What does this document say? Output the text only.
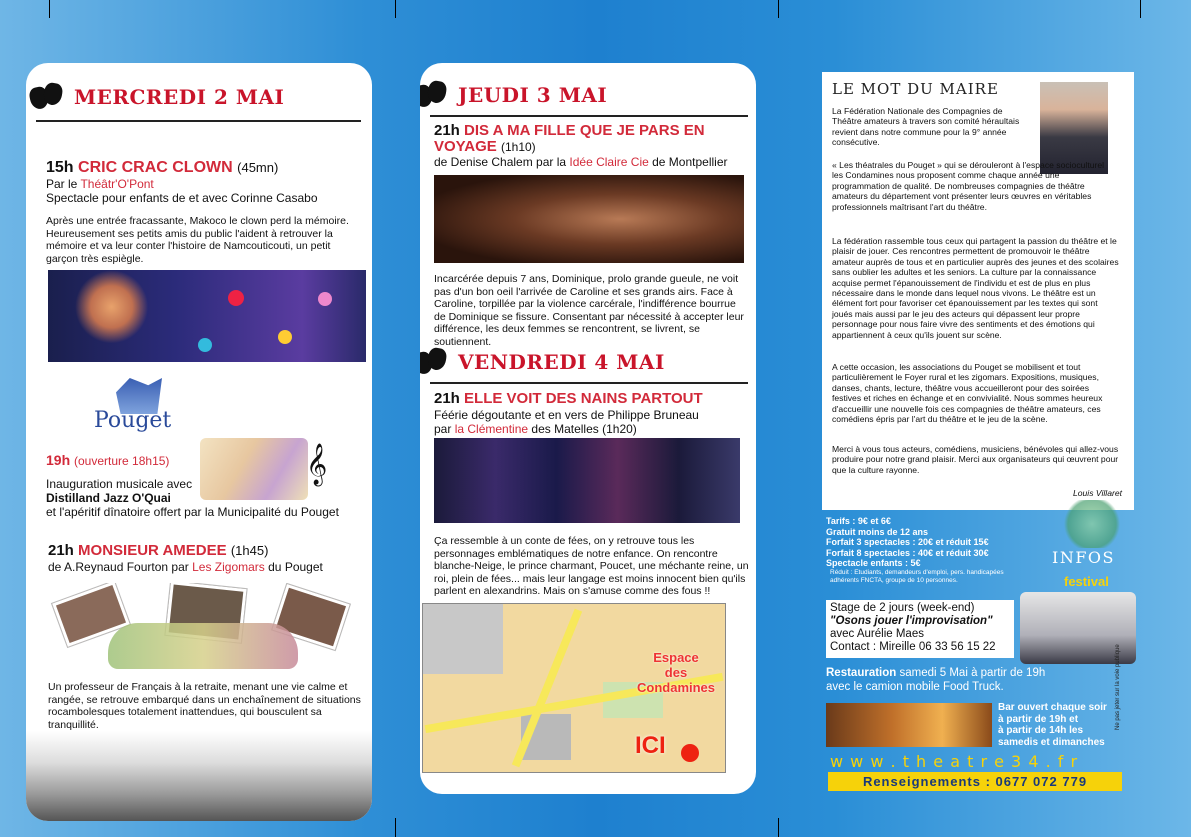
MERCREDI 2 MAI
15h CRIC CRAC CLOWN (45mn)
Par le Théâtr'O'Pont
Spectacle pour enfants de et avec Corinne Casabo
Après une entrée fracassante, Makoco le clown perd la mémoire. Heureusement ses petits amis du public l'aident à retrouver la mémoire et va leur conter l'histoire de Namcouticouti, un petit garçon très espiègle.
Pouget
𝄞
19h (ouverture 18h15)
Inauguration musicale avec
Distilland Jazz O'Quai
et l'apéritif dînatoire offert par la Municipalité du Pouget
21h MONSIEUR AMEDEE (1h45)
de A.Reynaud Fourton par Les Zigomars du Pouget
Un professeur de Français à la retraite, menant une vie calme et rangée, se retrouve embarqué dans un enchaînement de situations rocambolesques totalement inattendues, qui bousculent sa tranquillité.
JEUDI 3 MAI
21h DIS A MA FILLE QUE JE PARS EN VOYAGE (1h10)
de Denise Chalem par la Idée Claire Cie de Montpellier
Incarcérée depuis 7 ans, Dominique, prolo grande gueule, ne voit pas d'un bon oeil l'arrivée de Caroline et ses grands airs. Face à Caroline, torpillée par la violence carcérale, l'indifférence bourrue de Dominique se fissure. Consentant par nécessité à accepter leur différence, les deux femmes se rencontrent, se livrent, se soutiennent.
VENDREDI 4 MAI
21h ELLE VOIT DES NAINS PARTOUT
Féérie dégoutante et en vers de Philippe Bruneau
par la Clémentine des Matelles (1h20)
Ça ressemble à un conte de fées, on y retrouve tous les personnages emblématiques de notre enfance. On rencontre blanche-Neige, le prince charmant, Poucet, une méchante reine, un roi, plein de fées... mais leur langage est moins innocent bien qu'ils parlent en alexandrins. Mais on s'amuse comme des fous !!
Espace
des
Condamines
ICI
LE MOT DU MAIRE
La Fédération Nationale des Compagnies de Théâtre amateurs à travers son comité héraultais revient dans notre commune pour la 9° année consécutive.
« Les théatrales du Pouget » qui se dérouleront à l'espace socioculturel les Condamines nous proposent comme chaque année une programmation de qualité. De nombreuses compagnies de théâtre amateurs du département vont présenter leurs œuvres en véritables professionnels maîtrisant l'art du théâtre.
La fédération rassemble tous ceux qui partagent la passion du théâtre et le plaisir de jouer. Ces rencontres permettent de promouvoir le théâtre amateur auprès de tous et en particulier auprès des jeunes et des scolaires sans oublier les adultes et les seniors. La culture par la connaissance acquise permet l'épanouissement de l'individu et est de plus en plus nécessaire dans le monde dans lequel nous vivons. Le théâtre est un élément fort pour favoriser cet épanouissement par les textes qui sont joués mais aussi par le jeu des acteurs qui dépassent leur propre personnage pour nous faire vivre des sentiments et des émotions qui appartiennent à ceux qu'ils jouent sur scène.
A cette occasion, les associations du Pouget se mobilisent et tout particulièrement le Foyer rural et les zigomars. Expositions, musiques, danses, chants, lecture, théâtre vous accueilleront pour des soirées festives et riches en échange et en convivialité. Nous sommes heureux d'accueillir une nouvelle fois ces compagnies de théâtre amateurs, ces comédiens épris par l'art du théâtre et le jeu de la scène.
Merci à vous tous acteurs, comédiens, musiciens, bénévoles qui allez-vous produire pour notre grand plaisir. Merci aux organisateurs qui œuvrent pour que la culture rayonne.
Louis Villaret
Tarifs : 9€ et 6€
Gratuit moins de 12 ans
Forfait 3 spectacles : 20€ et réduit 15€
Forfait 8 spectacles : 40€ et réduit 30€
Spectacle enfants : 5€
Réduit : Etudiants, demandeurs d'emploi, pers. handicapées adhérents FNCTA, groupe de 10 personnes.
INFOS
festival
Stage de 2 jours (week-end)
"Osons jouer l'improvisation"
avec Aurélie Maes
Contact : Mireille 06 33 56 15 22
Restauration samedi 5 Mai à partir de 19h
avec le camion mobile Food Truck.
Bar ouvert chaque soir
à partir de 19h et
à partir de 14h les
samedis et dimanches
w w w . t h e a t r e 3 4 . f r
Renseignements : 0677 072 779
Ne pas jeter sur la voie publique
